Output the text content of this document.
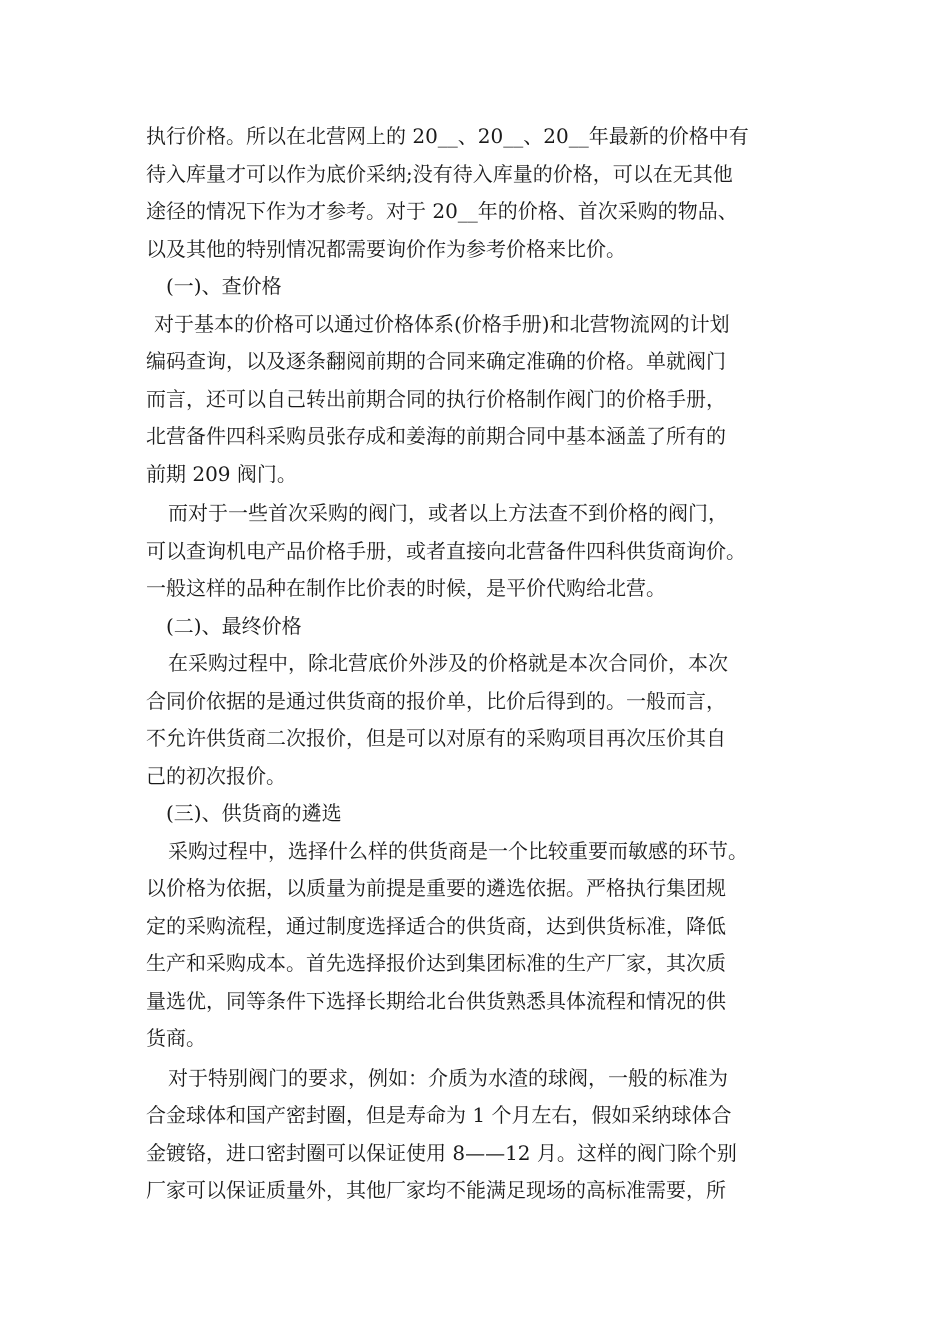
执行价格。所以在北营网上的 20__、20__、20__年最新的价格中有
待入库量才可以作为底价采纳;没有待入库量的价格，可以在无其他
途径的情况下作为才参考。对于 20__年的价格、首次采购的物品、
以及其他的特别情况都需要询价作为参考价格来比价。
(一)、查价格
对于基本的价格可以通过价格体系(价格手册)和北营物流网的计划
编码查询，以及逐条翻阅前期的合同来确定准确的价格。单就阀门
而言，还可以自己转出前期合同的执行价格制作阀门的价格手册，
北营备件四科采购员张存成和姜海的前期合同中基本涵盖了所有的
前期 209 阀门。
而对于一些首次采购的阀门，或者以上方法查不到价格的阀门，
可以查询机电产品价格手册，或者直接向北营备件四科供货商询价。
一般这样的品种在制作比价表的时候，是平价代购给北营。
(二)、最终价格
在采购过程中，除北营底价外涉及的价格就是本次合同价，本次
合同价依据的是通过供货商的报价单，比价后得到的。一般而言，
不允许供货商二次报价，但是可以对原有的采购项目再次压价其自
己的初次报价。
(三)、供货商的遴选
采购过程中，选择什么样的供货商是一个比较重要而敏感的环节。
以价格为依据，以质量为前提是重要的遴选依据。严格执行集团规
定的采购流程，通过制度选择适合的供货商，达到供货标准，降低
生产和采购成本。首先选择报价达到集团标准的生产厂家，其次质
量选优，同等条件下选择长期给北台供货熟悉具体流程和情况的供
货商。
对于特别阀门的要求，例如：介质为水渣的球阀，一般的标准为
合金球体和国产密封圈，但是寿命为 1 个月左右，假如采纳球体合
金镀铬，进口密封圈可以保证使用 8——12 月。这样的阀门除个别
厂家可以保证质量外，其他厂家均不能满足现场的高标准需要，所
